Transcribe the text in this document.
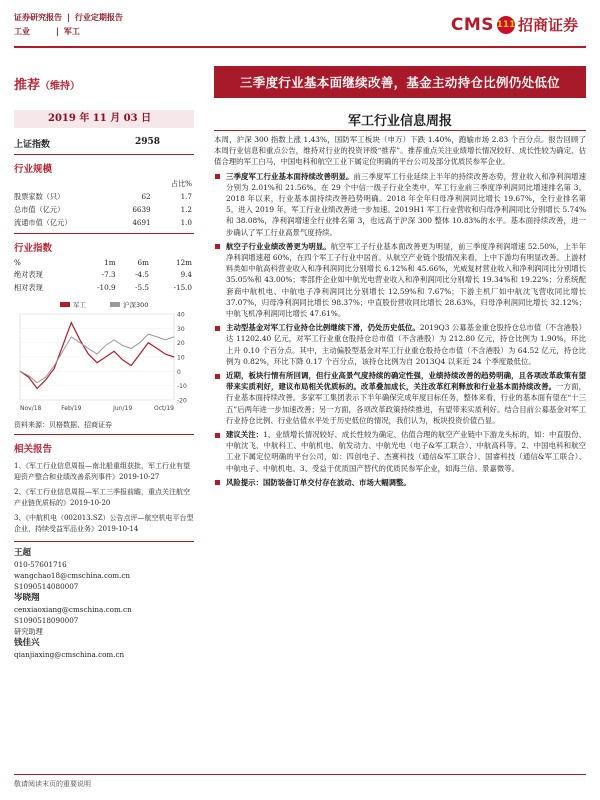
证券研究报告 | 行业定期报告
工业	| 军工	CMS 111 招商证券
推荐（维持）	三季度行业基本面继续改善，基金主动持仓比例仍处低位
2019 年 11 月 03 日	军工行业信息周报
上证指数	2958
行业规模
		占比%
股票家数（只）	62	1.7
总市值（亿元）	6639	1.2
流通市值（亿元）	4691	1.0
行业指数
%	1m	6m	12m
绝对表现	-7.3	-4.5	9.4
相对表现	-10.9	-5.5	-15.0
-20
-10
0
10
20
30
40
Nov/18	Feb/19	Jun/19	Oct/19
军工	沪深300
资料来源：贝格数据、招商证券
相关报告
1、《军工行业信息周报—南北船重组获批，军工行业有望迎资产整合和业绩改善系列事件》2019-10-27
2、《军工行业信息周报—军工三季报前瞻，重点关注航空产业链优质标的》2019-10-20
3、《中航机电（002013.SZ）公告点评—航空机电平台型企业，持续受益军品业务》2019-10-14
王超
010-57601716
wangchao18@cmschina.com.cn
S1090514080007
岑晓翔
cenxiaoxiang@cmschina.com.cn
S1090518090007
研究助理
钱佳兴
qianjiaxing@cmschina.com.cn

本周，沪深 300 指数上涨 1.43%，国防军工板块（申万）下跌 1.40%，跑输市场 2.83 个百分点。报告回顾了本周行业信息和重点公告，维持对行业的投资评级“推荐”。推荐重点关注业绩增长情况较好、成长性较为确定、估值合理的军工白马，中国电科和航空工业下属定位明确的平台公司及部分优质民参军企业。

三季度军工行业基本面持续改善明显。前三季度军工行业延续上半年的持续改善态势，营业收入和净利润增速分别为 2.01%和 21.56%。在 29 个中信一级子行业全类中，军工行业前三季度净利润同比增速排名第 3。2018 年以来，行业基本面持续改善趋势明确。2018 年全年归母净利润同比增长 19.67%，全行业排名第 5。进入 2019 年，军工行业业绩改善进一步加速。2019H1 军工行业营收和归母净利润同比分别增长 5.74%和 38.08%，净利润增速全行业排名第 3，也远高于沪深 300 整体 10.83%的水平。基本面持续改善，进一步确认了军工行业高景气度持续。
航空子行业业绩改善更为明显。航空军工子行业基本面改善更为明显，前三季度净利润增速 52.50%，上半年净利润增速超 60%，在四个军工子行业中居首。从航空产业链个股情况来看，上中下游均有明显改善。上游材料类如中航高科营业收入和净利润同比分别增长 6.12%和 45.66%，光威复材营业收入和净利润同比分别增长 35.05%和 43.00%；零部件企业如中航光电营业收入和净利润同比分别增长 19.34%和 19.22%；分系统配套商中航机电、中航电子净利润同比分别增长 12.59%和 7.67%；下游主机厂如中航沈飞营收同比增长 37.07%，归母净利润同比增长 98.37%；中直股份营收同比增长 28.63%，归母净利润同比增长 32.12%；中航飞机净利润同比增长 47.61%。
主动型基金对军工行业持仓比例继续下滑，仍处历史低位。2019Q3 公募基金重仓股持仓总市值（不含港股）达 11202.40 亿元，对军工行业重仓股持仓总市值（不含港股）为 212.80 亿元，持仓比例为 1.90%，环比上升 0.10 个百分点。其中，主动偏股型基金对军工行业重仓股持仓市值（不含港股）为 64.52 亿元，持仓比例为 0.82%，环比下降 0.17 个百分点，该持仓比例为自 2013Q4 以来近 24 个季度最低位。
近期，板块行情有所回调，但行业高景气度持续的确定性强，业绩持续改善的趋势明确，且各项改革政策有望带来实质利好，建议布局相关优质标的。改革叠加成长，关注改革红利释放和行业基本面持续改善。一方面，行业基本面持续改善。多家军工集团表示下半年确保完成年度目标任务，整体来看，行业的基本面有望在“十三五”后两年进一步加速改善；另一方面，各项改革政策持续推进，有望带来实质利好。结合目前公募基金对军工行业持仓比例、行业估值水平处于历史低位的情况，我们认为，板块投资价值凸显。
建议关注：1、业绩增长情况较好、成长性较为确定、估值合理的航空产业链中下游龙头标的，如：中直股份、中航沈飞、中航科工、中航机电、航发动力、中航光电（电子&军工联合）、中航高科等。2、中国电科和航空工业下属定位明确的平台公司，如：四创电子、杰赛科技（通信&军工联合）、国睿科技（通信&军工联合）、中航电子、中航机电。3、受益于优质国产替代的优质民参军企业，如海兰信、景嘉微等。
风险提示：国防装备订单交付存在波动、市场大幅调整。
敬请阅读末页的重要说明
